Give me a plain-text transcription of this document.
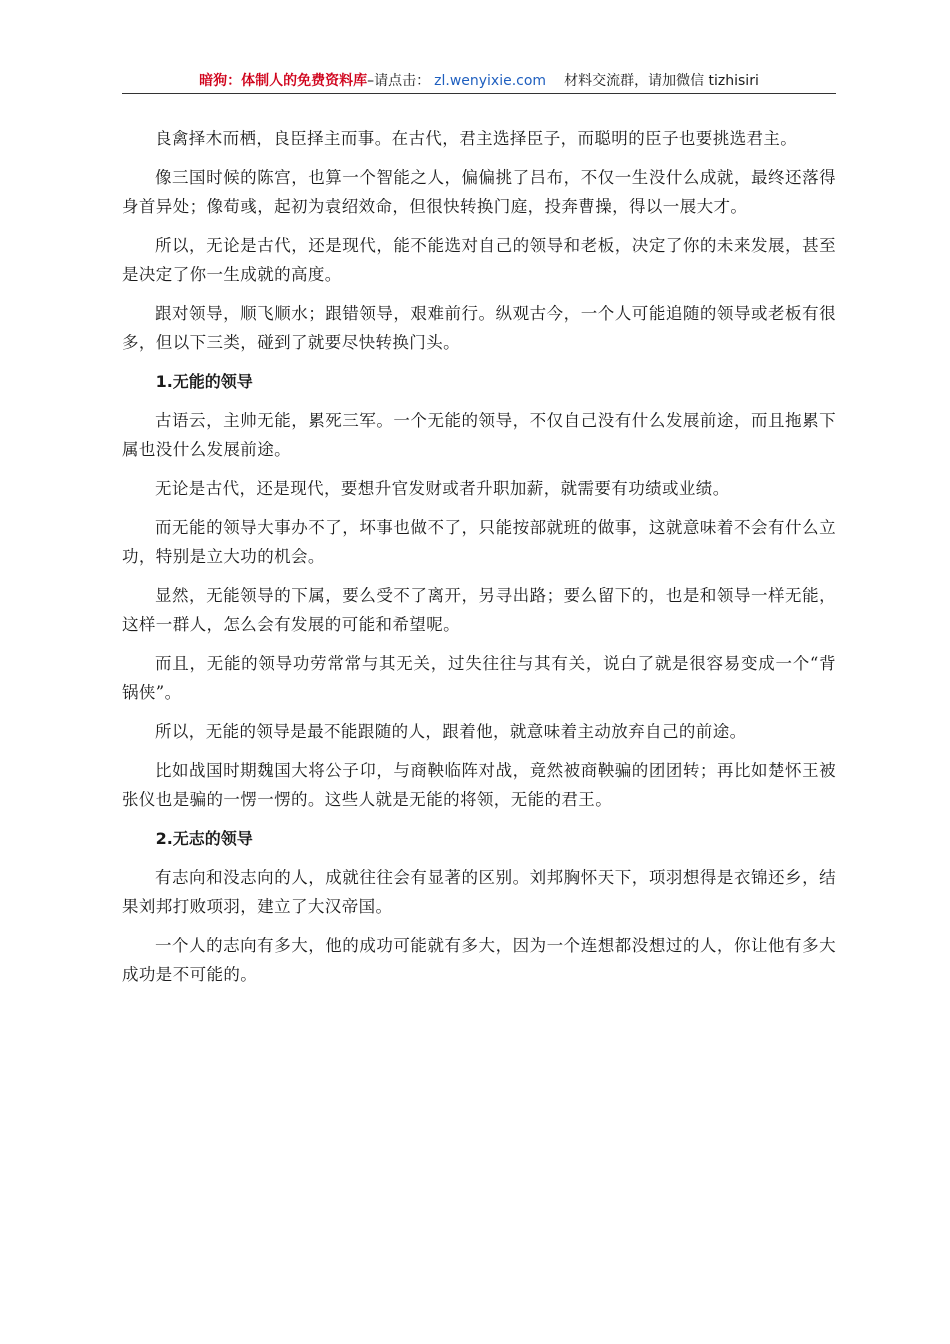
暗狗：体制人的免费资料库–请点击： zl.wenyixie.com 材料交流群，请加微信 tizhisiri

良禽择木而栖，良臣择主而事。在古代，君主选择臣子，而聪明的臣子也要挑选君主。

像三国时候的陈宫，也算一个智能之人，偏偏挑了吕布，不仅一生没什么成就，最终还落得身首异处；像荀彧，起初为袁绍效命，但很快转换门庭，投奔曹操，得以一展大才。

所以，无论是古代，还是现代，能不能选对自己的领导和老板，决定了你的未来发展，甚至是决定了你一生成就的高度。

跟对领导，顺飞顺水；跟错领导，艰难前行。纵观古今，一个人可能追随的领导或老板有很多，但以下三类，碰到了就要尽快转换门头。

1.无能的领导

古语云，主帅无能，累死三军。一个无能的领导，不仅自己没有什么发展前途，而且拖累下属也没什么发展前途。

无论是古代，还是现代，要想升官发财或者升职加薪，就需要有功绩或业绩。

而无能的领导大事办不了，坏事也做不了，只能按部就班的做事，这就意味着不会有什么立功，特别是立大功的机会。

显然，无能领导的下属，要么受不了离开，另寻出路；要么留下的，也是和领导一样无能，这样一群人，怎么会有发展的可能和希望呢。

而且，无能的领导功劳常常与其无关，过失往往与其有关，说白了就是很容易变成一个“背锅侠”。

所以，无能的领导是最不能跟随的人，跟着他，就意味着主动放弃自己的前途。

比如战国时期魏国大将公子卬，与商鞅临阵对战，竟然被商鞅骗的团团转；再比如楚怀王被张仪也是骗的一愣一愣的。这些人就是无能的将领，无能的君王。

2.无志的领导

有志向和没志向的人，成就往往会有显著的区别。刘邦胸怀天下，项羽想得是衣锦还乡，结果刘邦打败项羽，建立了大汉帝国。

一个人的志向有多大，他的成功可能就有多大，因为一个连想都没想过的人，你让他有多大成功是不可能的。
